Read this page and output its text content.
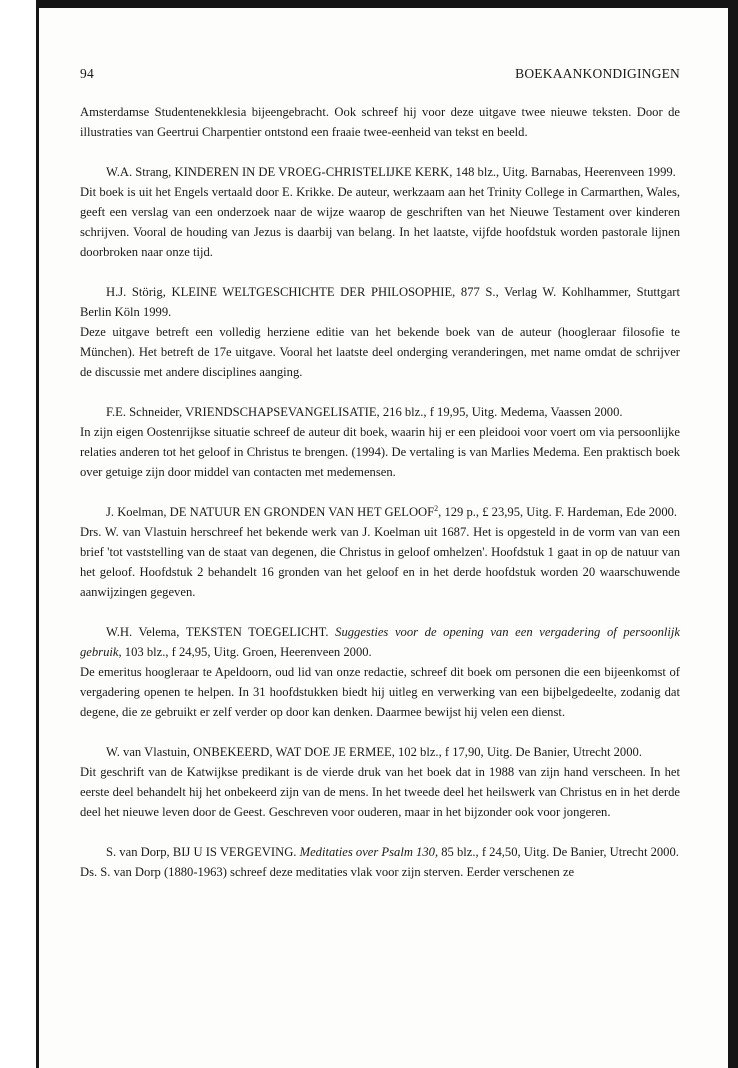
94	BOEKAANKONDIGINGEN

Amsterdamse Studentenekklesia bijeengebracht. Ook schreef hij voor deze uitgave twee nieuwe teksten. Door de illustraties van Geertrui Charpentier ontstond een fraaie twee-eenheid van tekst en beeld.

W.A. Strang, KINDEREN IN DE VROEG-CHRISTELIJKE KERK, 148 blz., Uitg. Barnabas, Heerenveen 1999.

Dit boek is uit het Engels vertaald door E. Krikke. De auteur, werkzaam aan het Trinity College in Carmarthen, Wales, geeft een verslag van een onderzoek naar de wijze waarop de geschriften van het Nieuwe Testament over kinderen schrijven. Vooral de houding van Jezus is daarbij van belang. In het laatste, vijfde hoofdstuk worden pastorale lijnen doorbroken naar onze tijd.

H.J. Störig, KLEINE WELTGESCHICHTE DER PHILOSOPHIE, 877 S., Verlag W. Kohlhammer, Stuttgart Berlin Köln 1999.

Deze uitgave betreft een volledig herziene editie van het bekende boek van de auteur (hoogleraar filosofie te München). Het betreft de 17e uitgave. Vooral het laatste deel onderging veranderingen, met name omdat de schrijver de discussie met andere disciplines aanging.

F.E. Schneider, VRIENDSCHAPSEVANGELISATIE, 216 blz., f 19,95, Uitg. Medema, Vaassen 2000.

In zijn eigen Oostenrijkse situatie schreef de auteur dit boek, waarin hij er een pleidooi voor voert om via persoonlijke relaties anderen tot het geloof in Christus te brengen. (1994). De vertaling is van Marlies Medema. Een praktisch boek over getuige zijn door middel van contacten met medemensen.

J. Koelman, DE NATUUR EN GRONDEN VAN HET GELOOF$^2$, 129 p., £ 23,95, Uitg. F. Hardeman, Ede 2000.

Drs. W. van Vlastuin herschreef het bekende werk van J. Koelman uit 1687. Het is opgesteld in de vorm van van een brief 'tot vaststelling van de staat van degenen, die Christus in geloof omhelzen'. Hoofdstuk 1 gaat in op de natuur van het geloof. Hoofdstuk 2 behandelt 16 gronden van het geloof en in het derde hoofdstuk worden 20 waarschuwende aanwijzingen gegeven.

W.H. Velema, TEKSTEN TOEGELICHT. Suggesties voor de opening van een vergadering of persoonlijk gebruik, 103 blz., f 24,95, Uitg. Groen, Heerenveen 2000.

De emeritus hoogleraar te Apeldoorn, oud lid van onze redactie, schreef dit boek om personen die een bijeenkomst of vergadering openen te helpen. In 31 hoofdstukken biedt hij uitleg en verwerking van een bijbelgedeelte, zodanig dat degene, die ze gebruikt er zelf verder op door kan denken. Daarmee bewijst hij velen een dienst.

W. van Vlastuin, ONBEKEERD, WAT DOE JE ERMEE, 102 blz., f 17,90, Uitg. De Banier, Utrecht 2000.

Dit geschrift van de Katwijkse predikant is de vierde druk van het boek dat in 1988 van zijn hand verscheen. In het eerste deel behandelt hij het onbekeerd zijn van de mens. In het tweede deel het heilswerk van Christus en in het derde deel het nieuwe leven door de Geest. Geschreven voor ouderen, maar in het bijzonder ook voor jongeren.

S. van Dorp, BIJ U IS VERGEVING. Meditaties over Psalm 130, 85 blz., f 24,50, Uitg. De Banier, Utrecht 2000.

Ds. S. van Dorp (1880-1963) schreef deze meditaties vlak voor zijn sterven. Eerder verschenen ze
